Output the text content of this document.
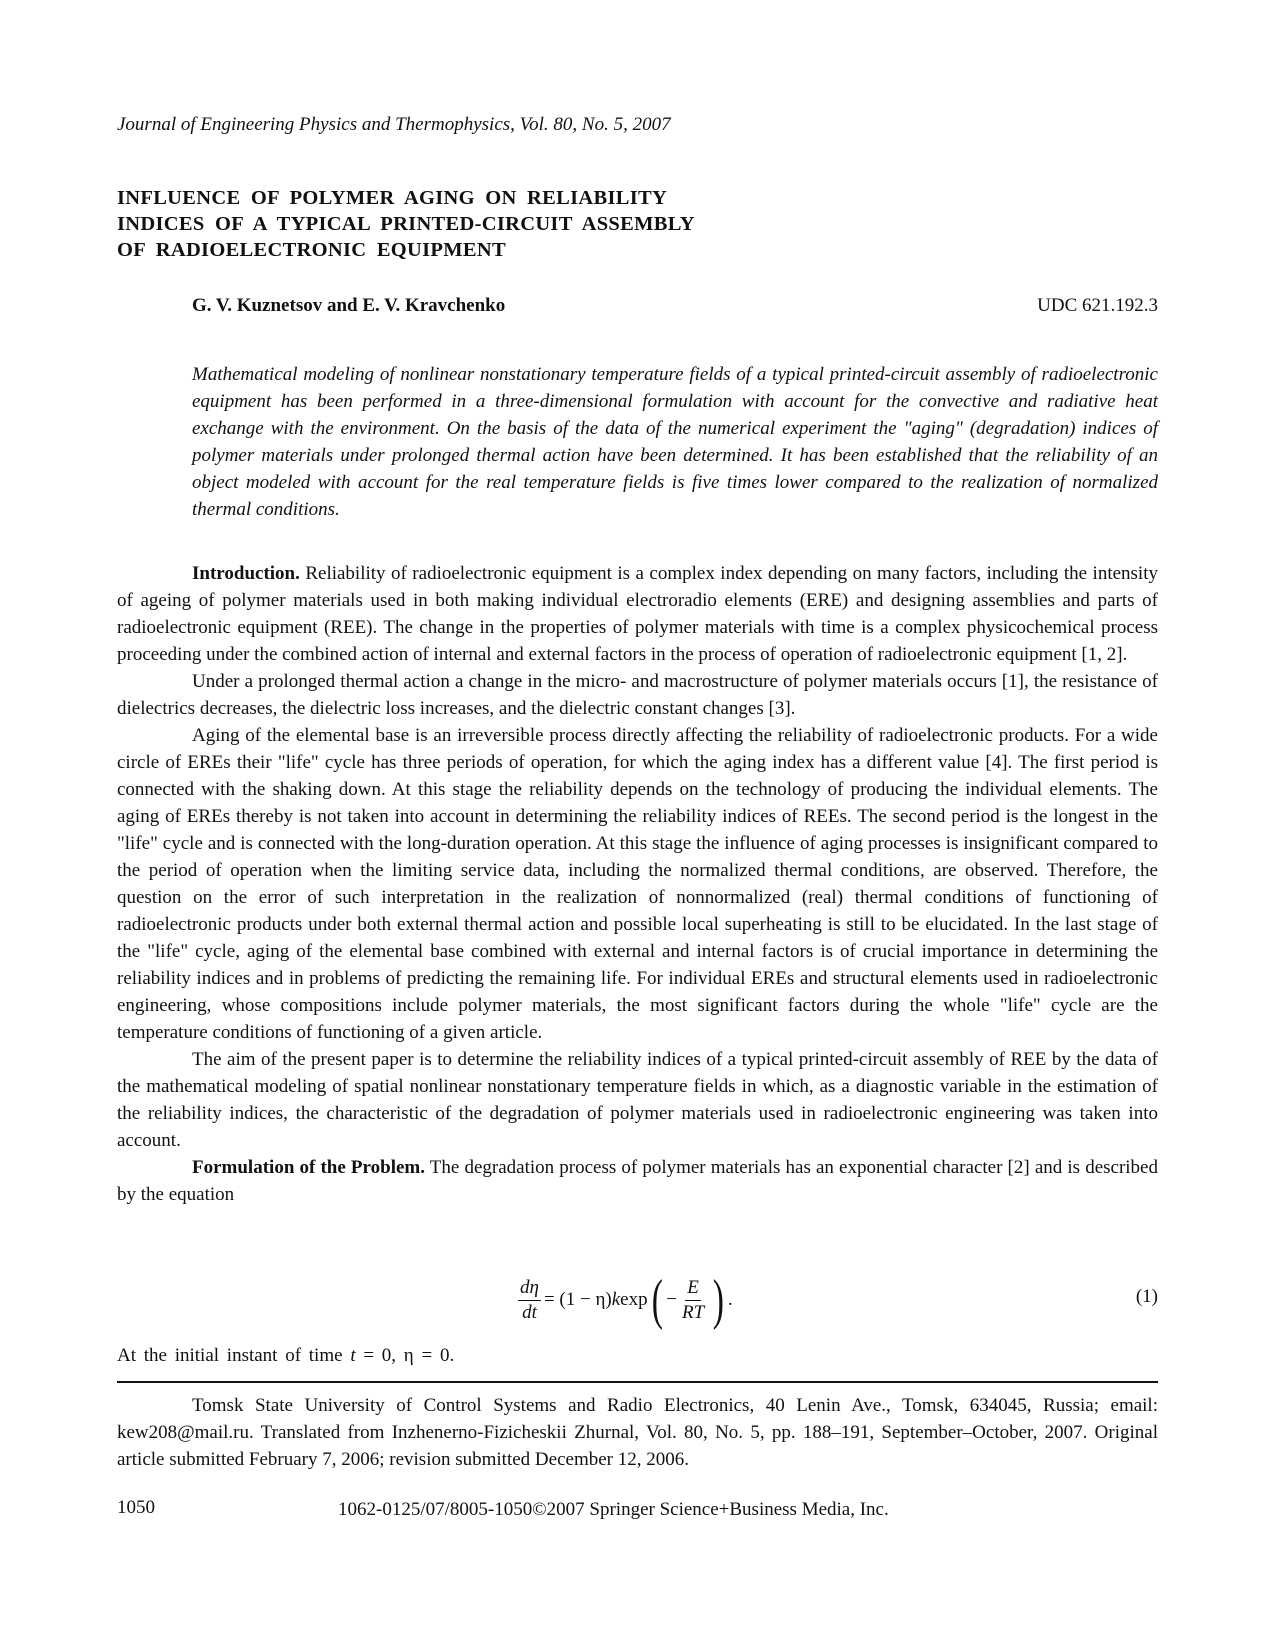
Journal of Engineering Physics and Thermophysics, Vol. 80, No. 5, 2007
INFLUENCE OF POLYMER AGING ON RELIABILITY
INDICES OF A TYPICAL PRINTED-CIRCUIT ASSEMBLY
OF RADIOELECTRONIC EQUIPMENT
G. V. Kuznetsov and E. V. Kravchenko	UDC 621.192.3

Mathematical modeling of nonlinear nonstationary temperature fields of a typical printed-circuit assembly of radioelectronic equipment has been performed in a three-dimensional formulation with account for the convective and radiative heat exchange with the environment. On the basis of the data of the numerical experiment the "aging" (degradation) indices of polymer materials under prolonged thermal action have been determined. It has been established that the reliability of an object modeled with account for the real temperature fields is five times lower compared to the realization of normalized thermal conditions.

Introduction. Reliability of radioelectronic equipment is a complex index depending on many factors, including the intensity of ageing of polymer materials used in both making individual electroradio elements (ERE) and designing assemblies and parts of radioelectronic equipment (REE). The change in the properties of polymer materials with time is a complex physicochemical process proceeding under the combined action of internal and external factors in the process of operation of radioelectronic equipment [1, 2].

Under a prolonged thermal action a change in the micro- and macrostructure of polymer materials occurs [1], the resistance of dielectrics decreases, the dielectric loss increases, and the dielectric constant changes [3].

Aging of the elemental base is an irreversible process directly affecting the reliability of radioelectronic products. For a wide circle of EREs their "life" cycle has three periods of operation, for which the aging index has a different value [4]. The first period is connected with the shaking down. At this stage the reliability depends on the technology of producing the individual elements. The aging of EREs thereby is not taken into account in determining the reliability indices of REEs. The second period is the longest in the "life" cycle and is connected with the long-duration operation. At this stage the influence of aging processes is insignificant compared to the period of operation when the limiting service data, including the normalized thermal conditions, are observed. Therefore, the question on the error of such interpretation in the realization of nonnormalized (real) thermal conditions of functioning of radioelectronic products under both external thermal action and possible local superheating is still to be elucidated. In the last stage of the "life" cycle, aging of the elemental base combined with external and internal factors is of crucial importance in determining the reliability indices and in problems of predicting the remaining life. For individual EREs and structural elements used in radioelectronic engineering, whose compositions include polymer materials, the most significant factors during the whole "life" cycle are the temperature conditions of functioning of a given article.

The aim of the present paper is to determine the reliability indices of a typical printed-circuit assembly of REE by the data of the mathematical modeling of spatial nonlinear nonstationary temperature fields in which, as a diagnostic variable in the estimation of the reliability indices, the characteristic of the degradation of polymer materials used in radioelectronic engineering was taken into account.

Formulation of the Problem. The degradation process of polymer materials has an exponential character [2] and is described by the equation

$\frac{d\eta}{dt} = (1 - \eta)$ k exp ( − $\frac{E}{RT}$ ) .	(1)
At the initial instant of time t = 0, η = 0.

Tomsk State University of Control Systems and Radio Electronics, 40 Lenin Ave., Tomsk, 634045, Russia; email: kew208@mail.ru. Translated from Inzhenerno-Fizicheskii Zhurnal, Vol. 80, No. 5, pp. 188–191, September–October, 2007. Original article submitted February 7, 2006; revision submitted December 12, 2006.

1050	1062-0125/07/8005-1050©2007 Springer Science+Business Media, Inc.
